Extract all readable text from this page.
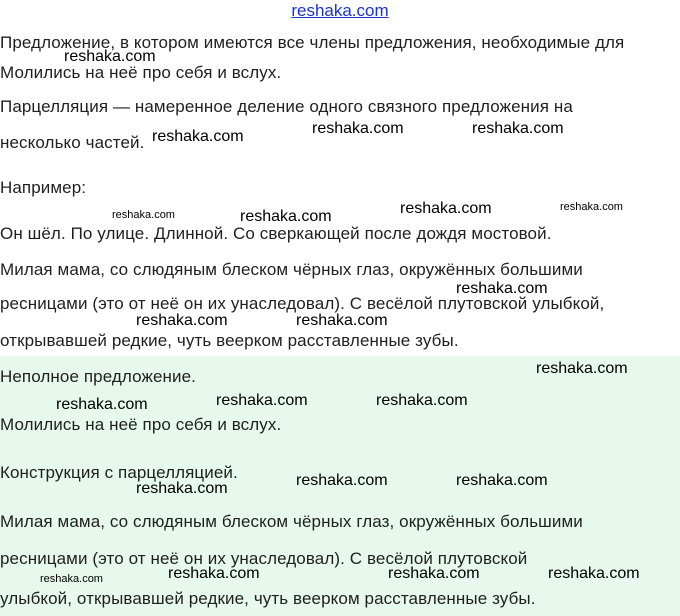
reshaka.com
Предложение, в котором имеются все члены предложения, необходимые для
Молились на неё про себя и вслух.
Парцелляция — намеренное деление одного связного предложения на
несколько частей.
Например:
Он шёл. По улице. Длинной. Со сверкающей после дождя мостовой.
Милая мама, со слюдяным блеском чёрных глаз, окружённых большими
ресницами (это от неё он их унаследовал). С весёлой плутовской улыбкой,
открывавшей редкие, чуть веерком расставленные зубы.
Неполное предложение.
Молились на неё про себя и вслух.
Конструкция с парцелляцией.
Милая мама, со слюдяным блеском чёрных глаз, окружённых большими
ресницами (это от неё он их унаследовал). С весёлой плутовской
улыбкой, открывавшей редкие, чуть веерком расставленные зубы.
reshaka.com
reshaka.com	reshaka.com	reshaka.com
reshaka.com	reshaka.com	reshaka.com	reshaka.com
reshaka.com
reshaka.com	reshaka.com
reshaka.com
reshaka.com	reshaka.com	reshaka.com
reshaka.com	reshaka.com
reshaka.com
reshaka.com	reshaka.com	reshaka.com	reshaka.com
